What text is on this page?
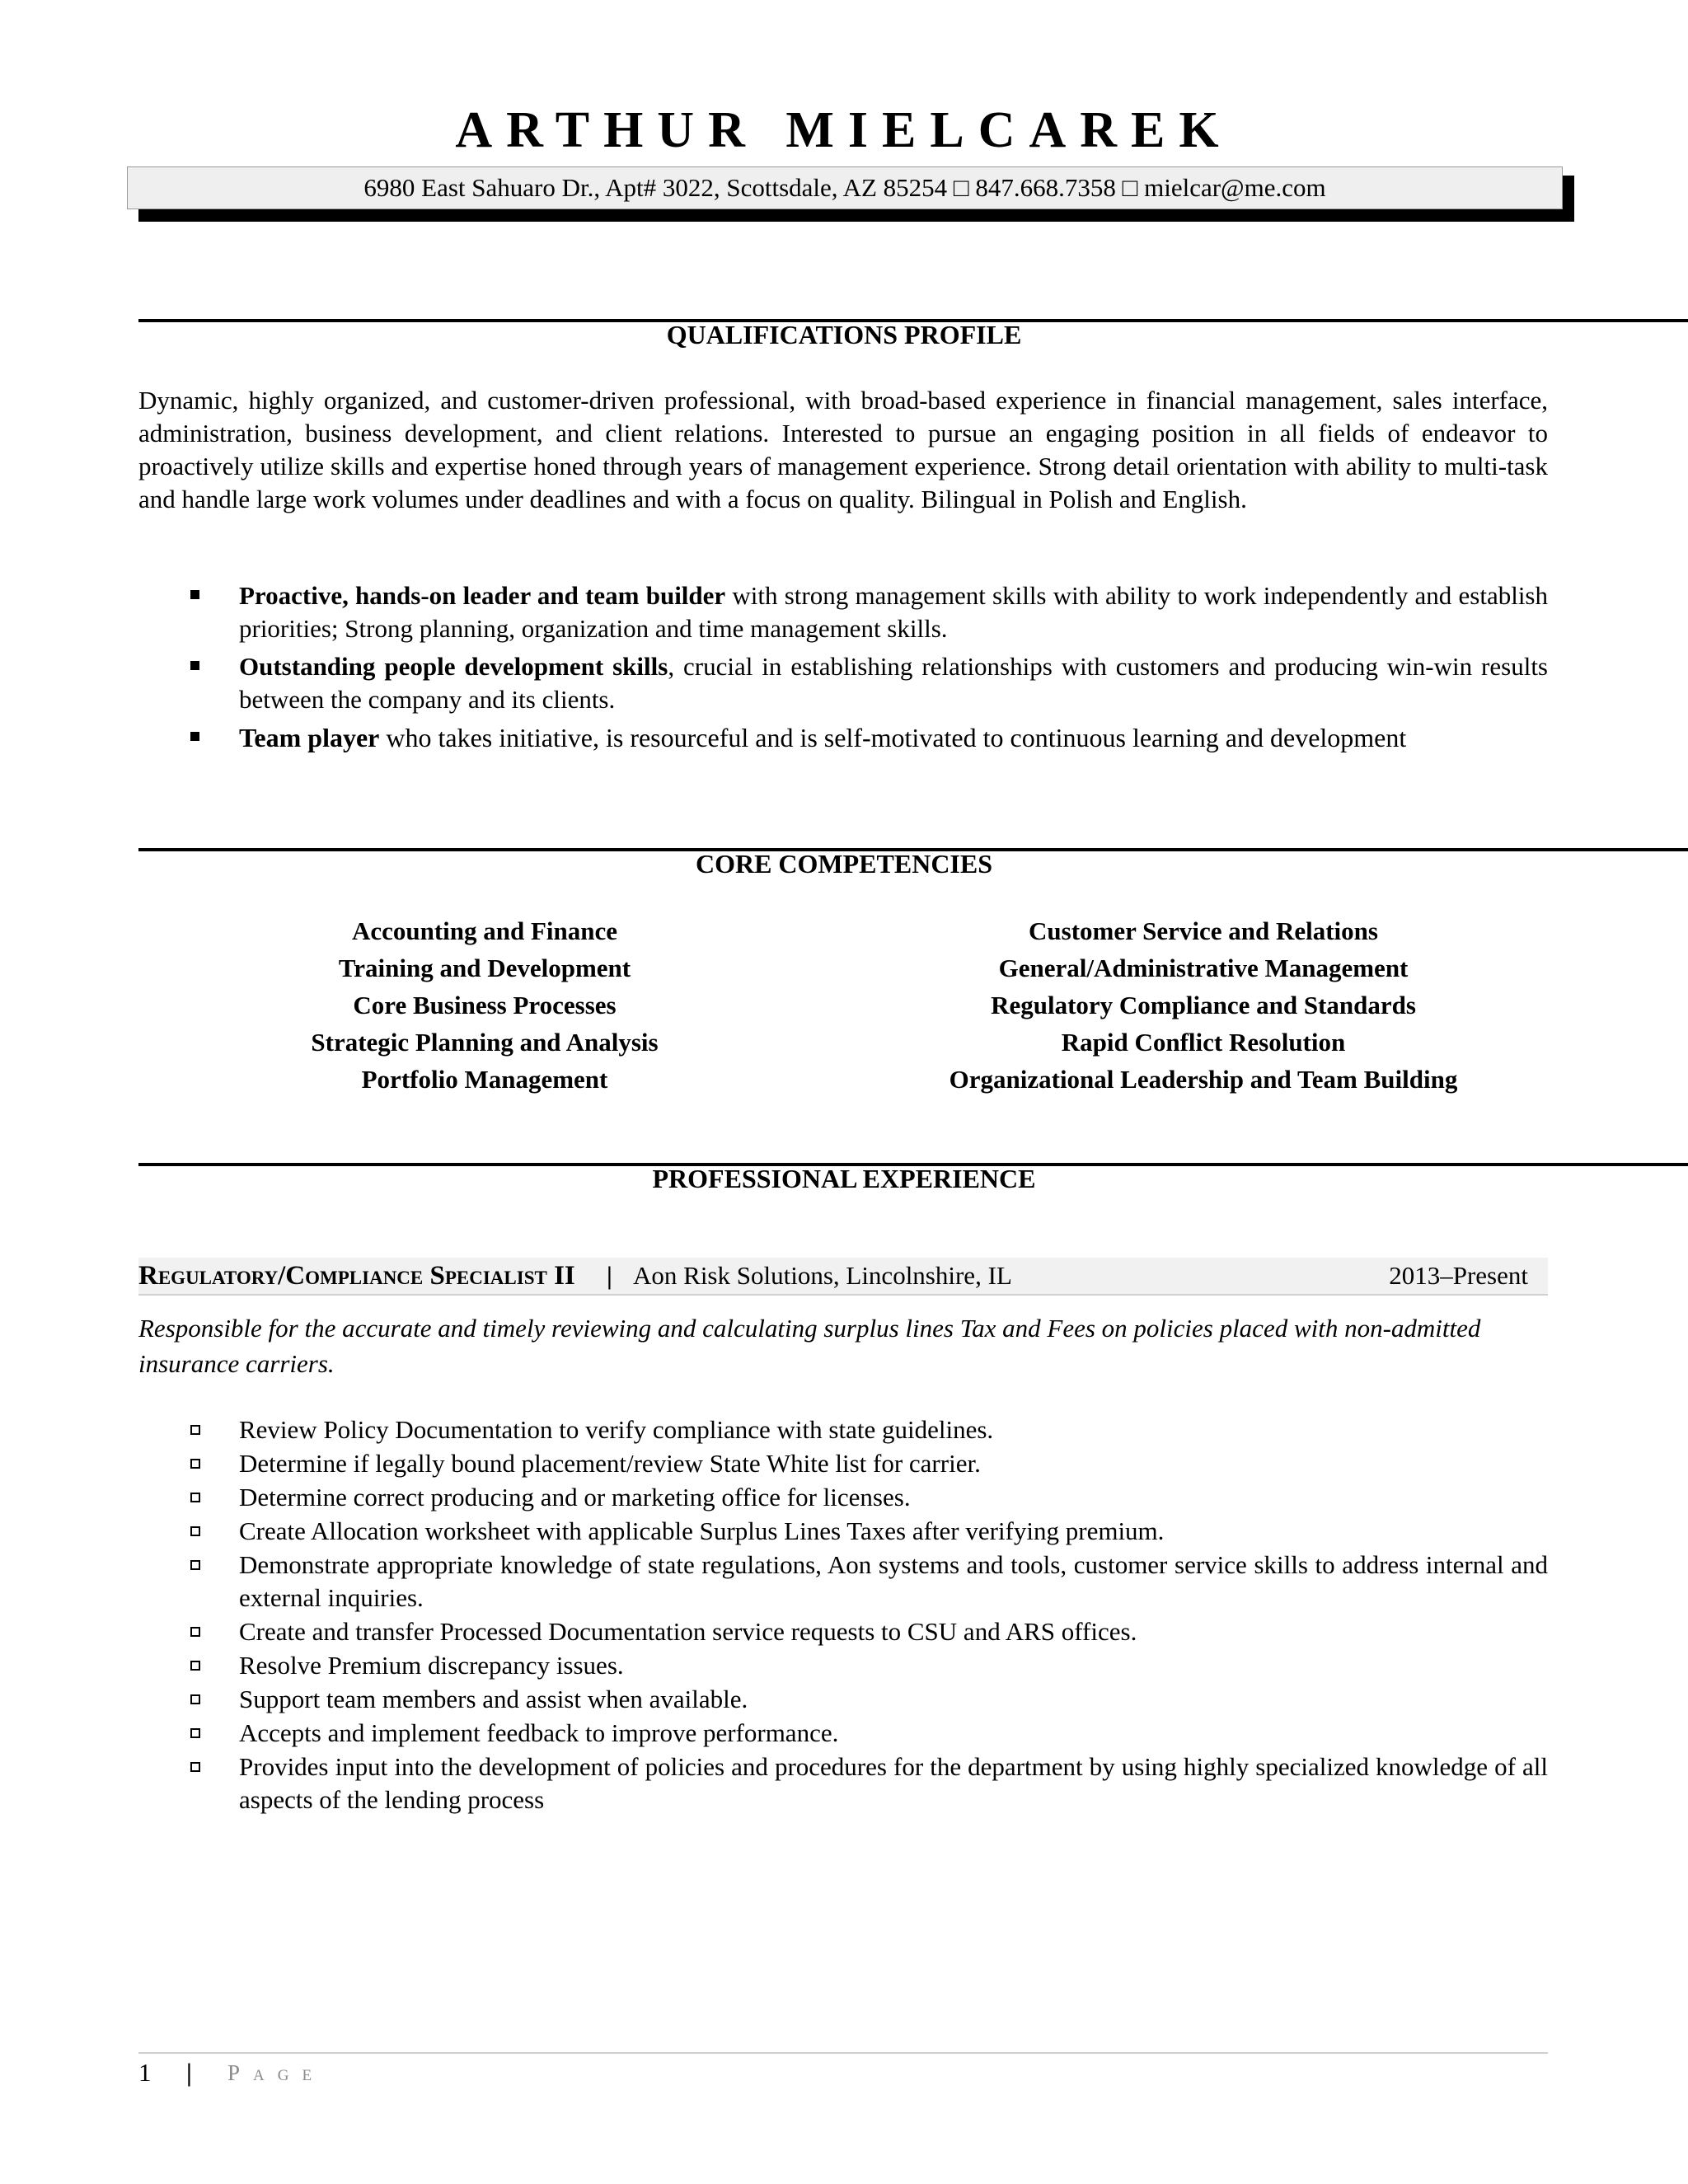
ARTHUR MIELCAREK
6980 East Sahuaro Dr., Apt# 3022, Scottsdale, AZ 85254 □ 847.668.7358 □ mielcar@me.com
QUALIFICATIONS PROFILE
Dynamic, highly organized, and customer-driven professional, with broad-based experience in financial management, sales interface, administration, business development, and client relations. Interested to pursue an engaging position in all fields of endeavor to proactively utilize skills and expertise honed through years of management experience. Strong detail orientation with ability to multi-task and handle large work volumes under deadlines and with a focus on quality. Bilingual in Polish and English.
Proactive, hands-on leader and team builder with strong management skills with ability to work independently and establish priorities; Strong planning, organization and time management skills.
Outstanding people development skills, crucial in establishing relationships with customers and producing win-win results between the company and its clients.
Team player who takes initiative, is resourceful and is self-motivated to continuous learning and development
CORE COMPETENCIES
Accounting and Finance
Training and Development
Core Business Processes
Strategic Planning and Analysis
Portfolio Management
Customer Service and Relations
General/Administrative Management
Regulatory Compliance and Standards
Rapid Conflict Resolution
Organizational Leadership and Team Building
PROFESSIONAL EXPERIENCE
Regulatory/Compliance Specialist II | Aon Risk Solutions, Lincolnshire, IL	2013–Present
Responsible for the accurate and timely reviewing and calculating surplus lines Tax and Fees on policies placed with non-admitted insurance carriers.
Review Policy Documentation to verify compliance with state guidelines.
Determine if legally bound placement/review State White list for carrier.
Determine correct producing and or marketing office for licenses.
Create Allocation worksheet with applicable Surplus Lines Taxes after verifying premium.
Demonstrate appropriate knowledge of state regulations, Aon systems and tools, customer service skills to address internal and external inquiries.
Create and transfer Processed Documentation service requests to CSU and ARS offices.
Resolve Premium discrepancy issues.
Support team members and assist when available.
Accepts and implement feedback to improve performance.
Provides input into the development of policies and procedures for the department by using highly specialized knowledge of all aspects of the lending process
1 | Page
